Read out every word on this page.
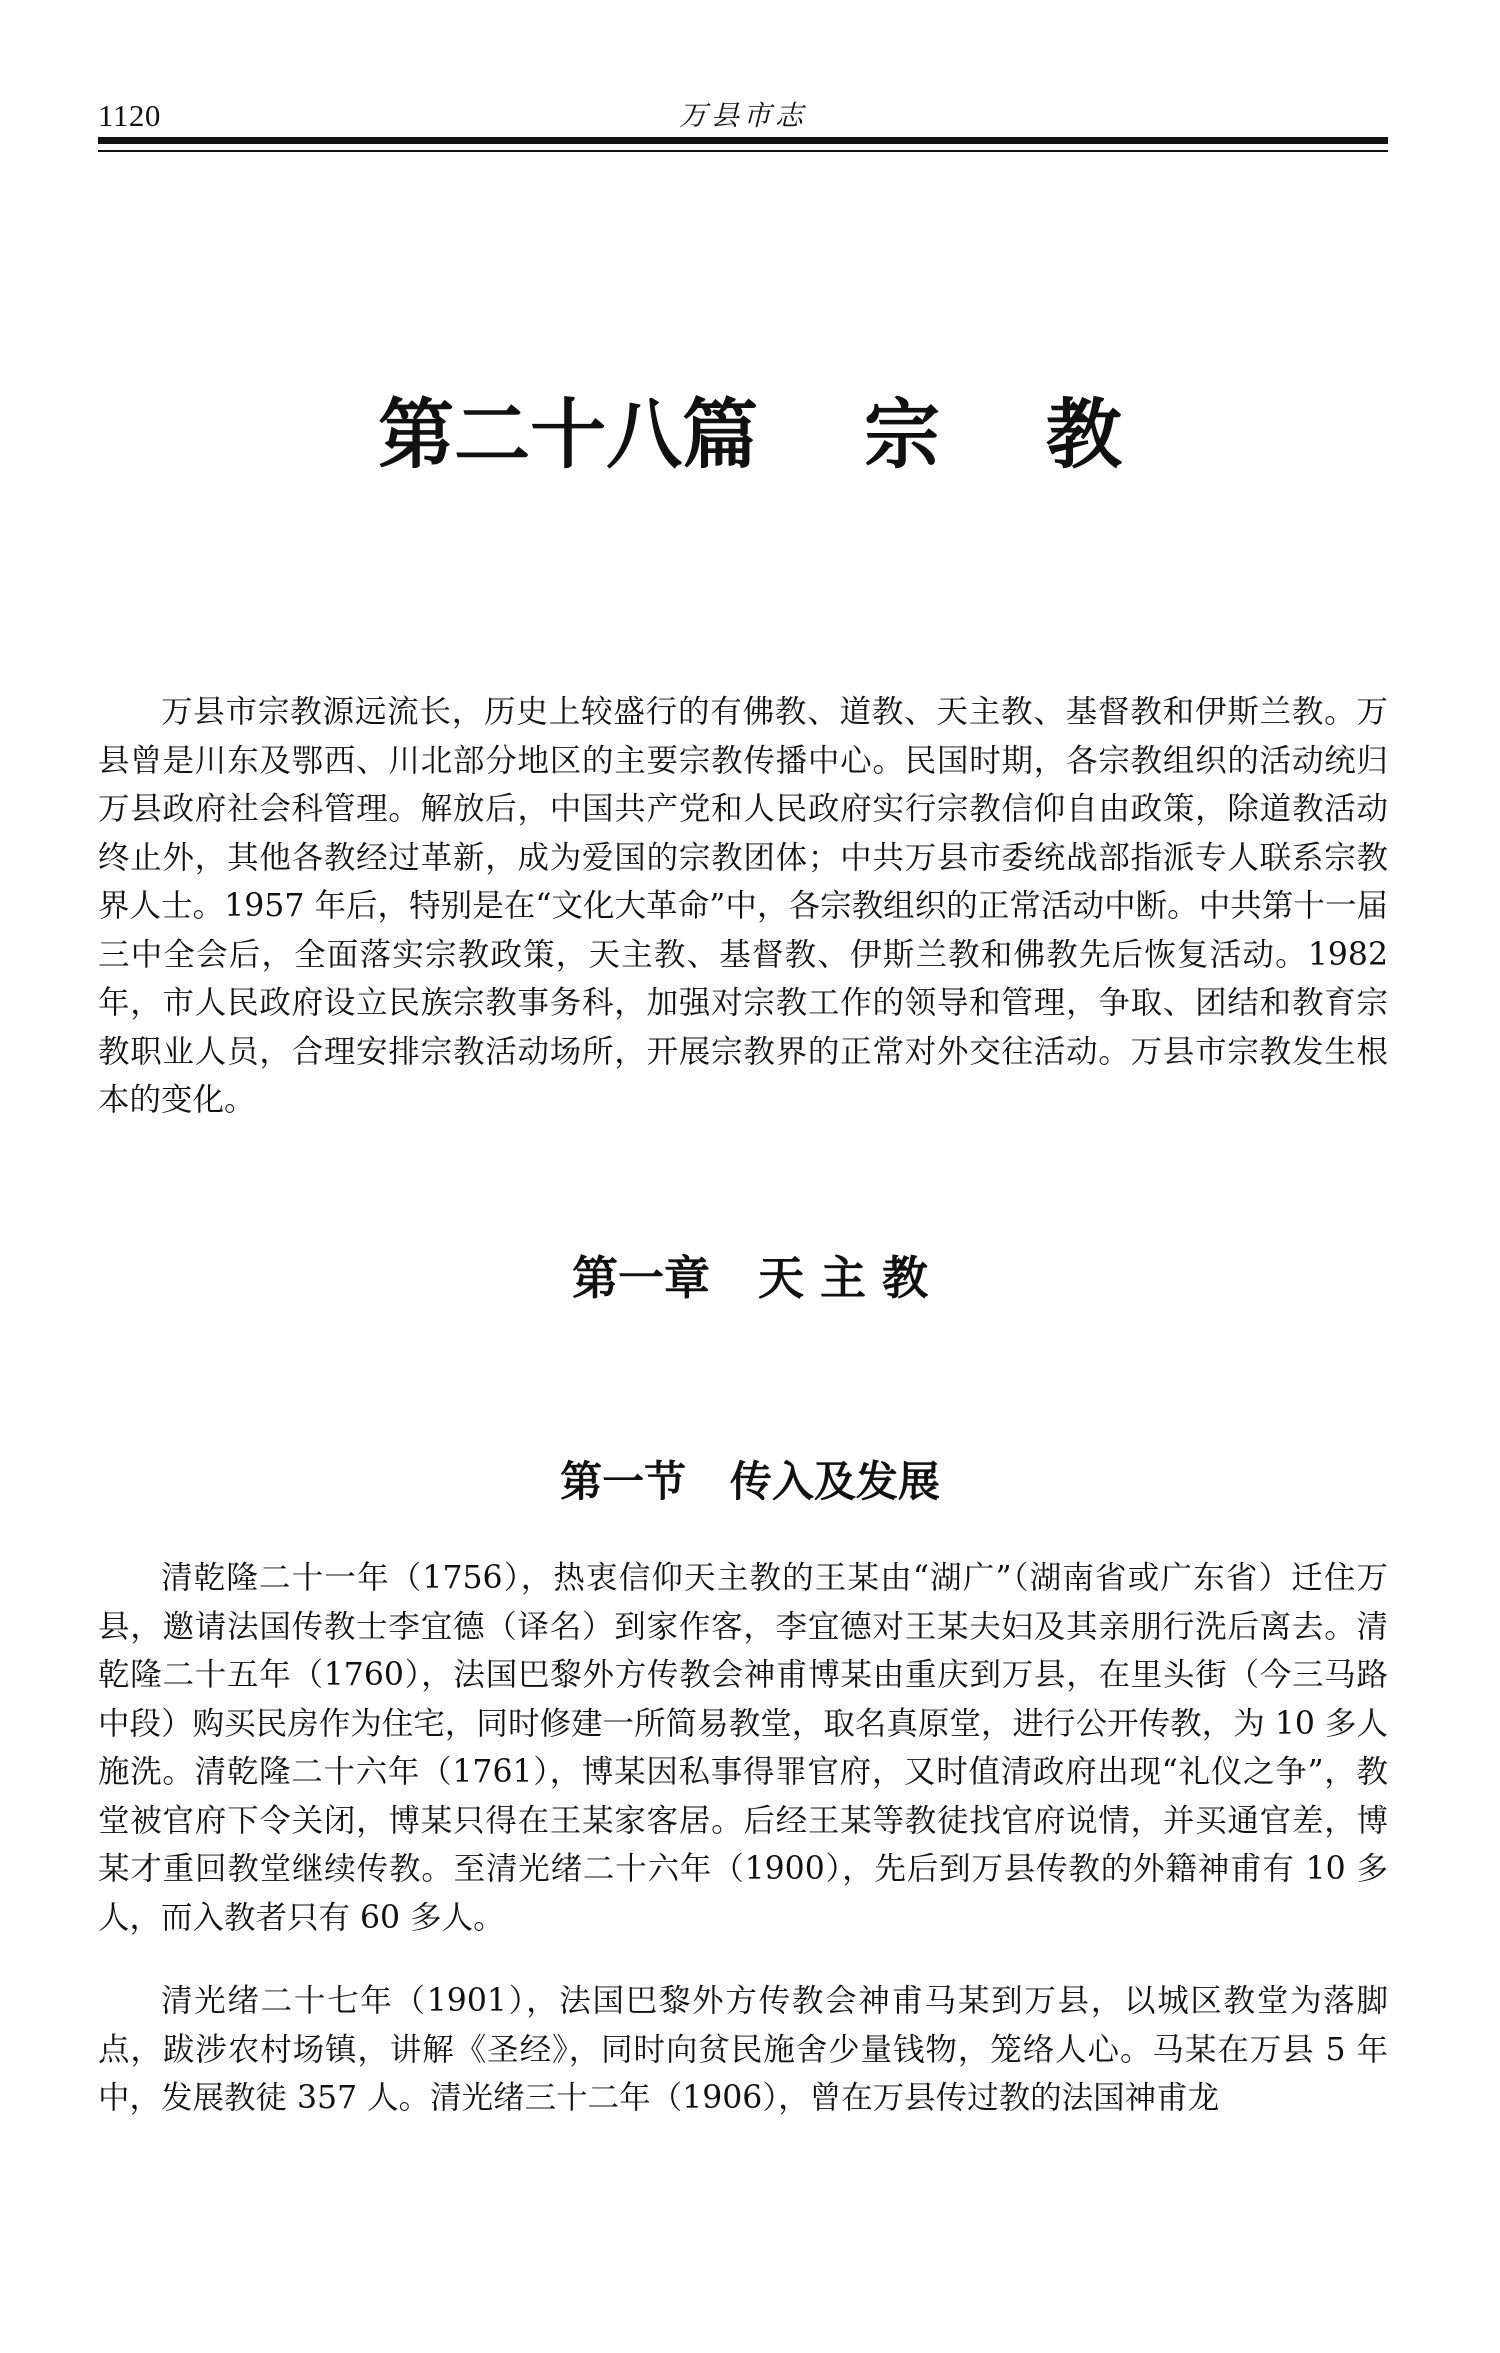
1120	万县市志
第二十八篇    宗    教

万县市宗教源远流长，历史上较盛行的有佛教、道教、天主教、基督教和伊斯兰教。万县曾是川东及鄂西、川北部分地区的主要宗教传播中心。民国时期，各宗教组织的活动统归万县政府社会科管理。解放后，中国共产党和人民政府实行宗教信仰自由政策，除道教活动终止外，其他各教经过革新，成为爱国的宗教团体；中共万县市委统战部指派专人联系宗教界人士。1957 年后，特别是在“文化大革命”中，各宗教组织的正常活动中断。中共第十一届三中全会后，全面落实宗教政策，天主教、基督教、伊斯兰教和佛教先后恢复活动。1982 年，市人民政府设立民族宗教事务科，加强对宗教工作的领导和管理，争取、团结和教育宗教职业人员，合理安排宗教活动场所，开展宗教界的正常对外交往活动。万县市宗教发生根本的变化。

第一章   天 主 教
第一节   传入及发展

清乾隆二十一年（1756），热衷信仰天主教的王某由“湖广”（湖南省或广东省）迁住万县，邀请法国传教士李宜德（译名）到家作客，李宜德对王某夫妇及其亲朋行洗后离去。清乾隆二十五年（1760），法国巴黎外方传教会神甫博某由重庆到万县，在里头街（今三马路中段）购买民房作为住宅，同时修建一所简易教堂，取名真原堂，进行公开传教，为 10 多人施洗。清乾隆二十六年（1761），博某因私事得罪官府，又时值清政府出现“礼仪之争”，教堂被官府下令关闭，博某只得在王某家客居。后经王某等教徒找官府说情，并买通官差，博某才重回教堂继续传教。至清光绪二十六年（1900），先后到万县传教的外籍神甫有 10 多人，而入教者只有 60 多人。

清光绪二十七年（1901），法国巴黎外方传教会神甫马某到万县，以城区教堂为落脚点，跋涉农村场镇，讲解《圣经》，同时向贫民施舍少量钱物，笼络人心。马某在万县 5 年中，发展教徒 357 人。清光绪三十二年（1906），曾在万县传过教的法国神甫龙
